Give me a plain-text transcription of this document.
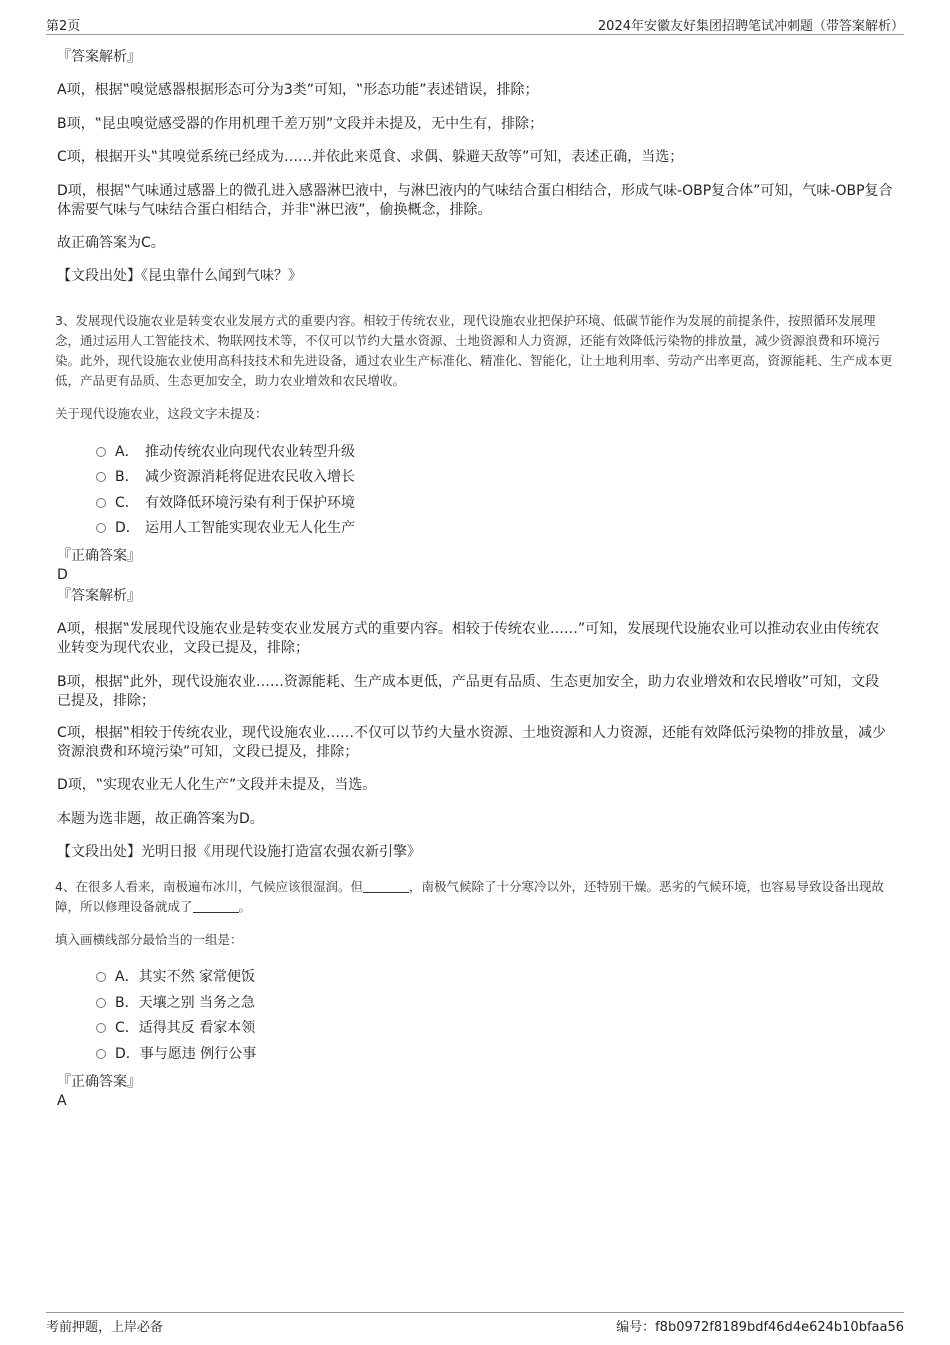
第2页	2024年安徽友好集团招聘笔试冲刺题（带答案解析）

『答案解析』

A项，根据‟嗅觉感器根据形态可分为3类”可知，‟形态功能”表述错误，排除；

B项，‟昆虫嗅觉感受器的作用机理千差万别”文段并未提及，无中生有，排除；

C项，根据开头‟其嗅觉系统已经成为……并依此来觅食、求偶、躲避天敌等”可知，表述正确，当选；

D项，根据‟气味通过感器上的微孔进入感器淋巴液中，与淋巴液内的气味结合蛋白相结合，形成气味-OBP复合体”可知，气味-OBP复合体需要气味与气味结合蛋白相结合，并非‟淋巴液”，偷换概念，排除。

故正确答案为C。

【文段出处】《昆虫靠什么闻到气味？》

3、发展现代设施农业是转变农业发展方式的重要内容。相较于传统农业，现代设施农业把保护环境、低碳节能作为发展的前提条件，按照循环发展理念，通过运用人工智能技术、物联网技术等，不仅可以节约大量水资源、土地资源和人力资源，还能有效降低污染物的排放量，减少资源浪费和环境污染。此外，现代设施农业使用高科技技术和先进设备，通过农业生产标准化、精准化、智能化，让土地利用率、劳动产出率更高，资源能耗、生产成本更低，产品更有品质、生态更加安全，助力农业增效和农民增收。

关于现代设施农业，这段文字未提及：

A． 推动传统农业向现代农业转型升级
B． 减少资源消耗将促进农民收入增长
C． 有效降低环境污染有利于保护环境
D． 运用人工智能实现农业无人化生产

『正确答案』

D

『答案解析』

A项，根据‟发展现代设施农业是转变农业发展方式的重要内容。相较于传统农业……”可知，发展现代设施农业可以推动农业由传统农业转变为现代农业，文段已提及，排除；

B项，根据‟此外，现代设施农业……资源能耗、生产成本更低，产品更有品质、生态更加安全，助力农业增效和农民增收”可知，文段已提及，排除；

C项，根据‟相较于传统农业，现代设施农业……不仅可以节约大量水资源、土地资源和人力资源，还能有效降低污染物的排放量，减少资源浪费和环境污染”可知，文段已提及，排除；

D项，‟实现农业无人化生产”文段并未提及，当选。

本题为选非题，故正确答案为D。

【文段出处】光明日报《用现代设施打造富农强农新引擎》

4、在很多人看来，南极遍布冰川，气候应该很湿润。但	，南极气候除了十分寒冷以外，还特别干燥。恶劣的气候环境，也容易导致设备出现故障，所以修理设备就成了	。

填入画横线部分最恰当的一组是：

A．其实不然 家常便饭
B．天壤之别 当务之急
C．适得其反 看家本领
D．事与愿违 例行公事

『正确答案』

A

考前押题，上岸必备	编号：f8b0972f8189bdf46d4e624b10bfaa56
